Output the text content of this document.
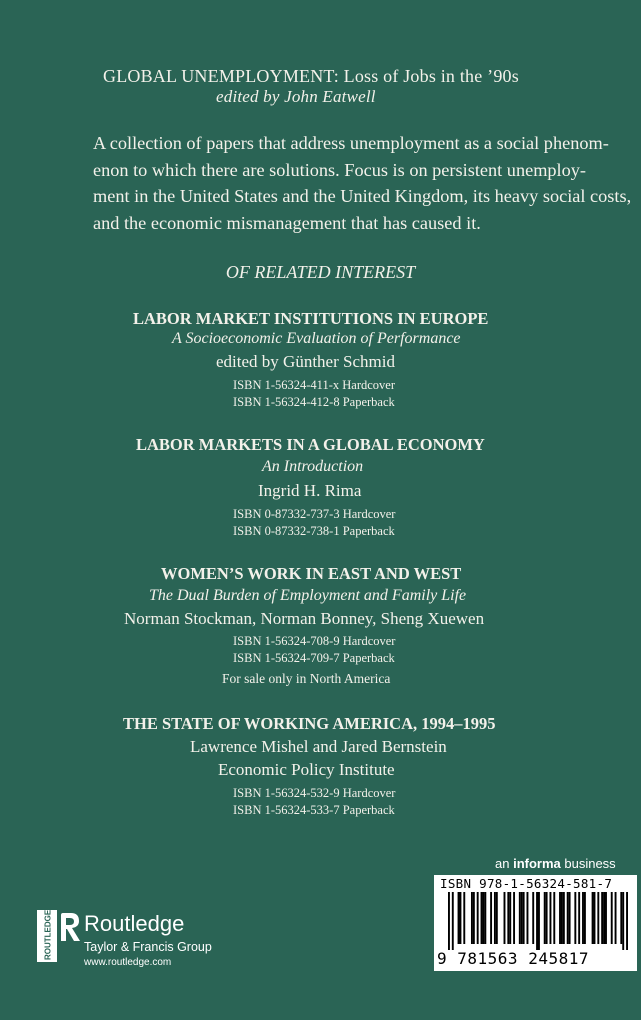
GLOBAL UNEMPLOYMENT: Loss of Jobs in the ’90s
edited by John Eatwell
A collection of papers that address unemployment as a social phenom-
enon to which there are solutions. Focus is on persistent unemploy-
ment in the United States and the United Kingdom, its heavy social costs,
and the economic mismanagement that has caused it.
OF RELATED INTEREST
LABOR MARKET INSTITUTIONS IN EUROPE
A Socioeconomic Evaluation of Performance
edited by Günther Schmid
ISBN 1-56324-411-x Hardcover
ISBN 1-56324-412-8 Paperback
LABOR MARKETS IN A GLOBAL ECONOMY
An Introduction
Ingrid H. Rima
ISBN 0-87332-737-3 Hardcover
ISBN 0-87332-738-1 Paperback
WOMEN’S WORK IN EAST AND WEST
The Dual Burden of Employment and Family Life
Norman Stockman, Norman Bonney, Sheng Xuewen
ISBN 1-56324-708-9 Hardcover
ISBN 1-56324-709-7 Paperback
For sale only in North America
THE STATE OF WORKING AMERICA, 1994–1995
Lawrence Mishel and Jared Bernstein
Economic Policy Institute
ISBN 1-56324-532-9 Hardcover
ISBN 1-56324-533-7 Paperback
ROUTLEDGE Routledge
Taylor & Francis Group
www.routledge.com
an informa business
ISBN 978-1-56324-581-7
9 781563 245817
